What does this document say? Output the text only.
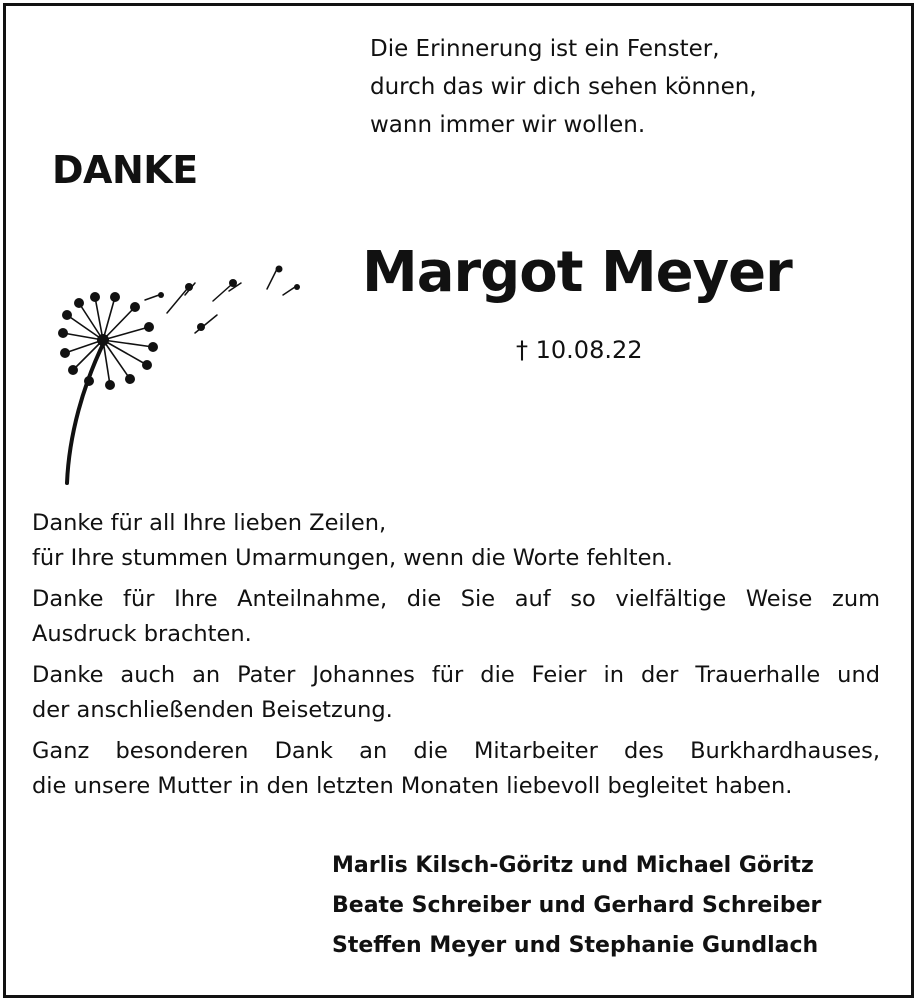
Die Erinnerung ist ein Fenster,
durch das wir dich sehen können,
wann immer wir wollen.
DANKE
Margot Meyer
† 10.08.22
Danke für all Ihre lieben Zeilen,
für Ihre stummen Umarmungen, wenn die Worte fehlten.
Danke für Ihre Anteilnahme, die Sie auf so vielfältige Weise zum
Ausdruck brachten.
Danke auch an Pater Johannes für die Feier in der Trauerhalle und
der anschließenden Beisetzung.
Ganz besonderen Dank an die Mitarbeiter des Burkhardhauses,
die unsere Mutter in den letzten Monaten liebevoll begleitet haben.
Marlis Kilsch-Göritz und Michael Göritz
Beate Schreiber und Gerhard Schreiber
Steffen Meyer und Stephanie Gundlach
